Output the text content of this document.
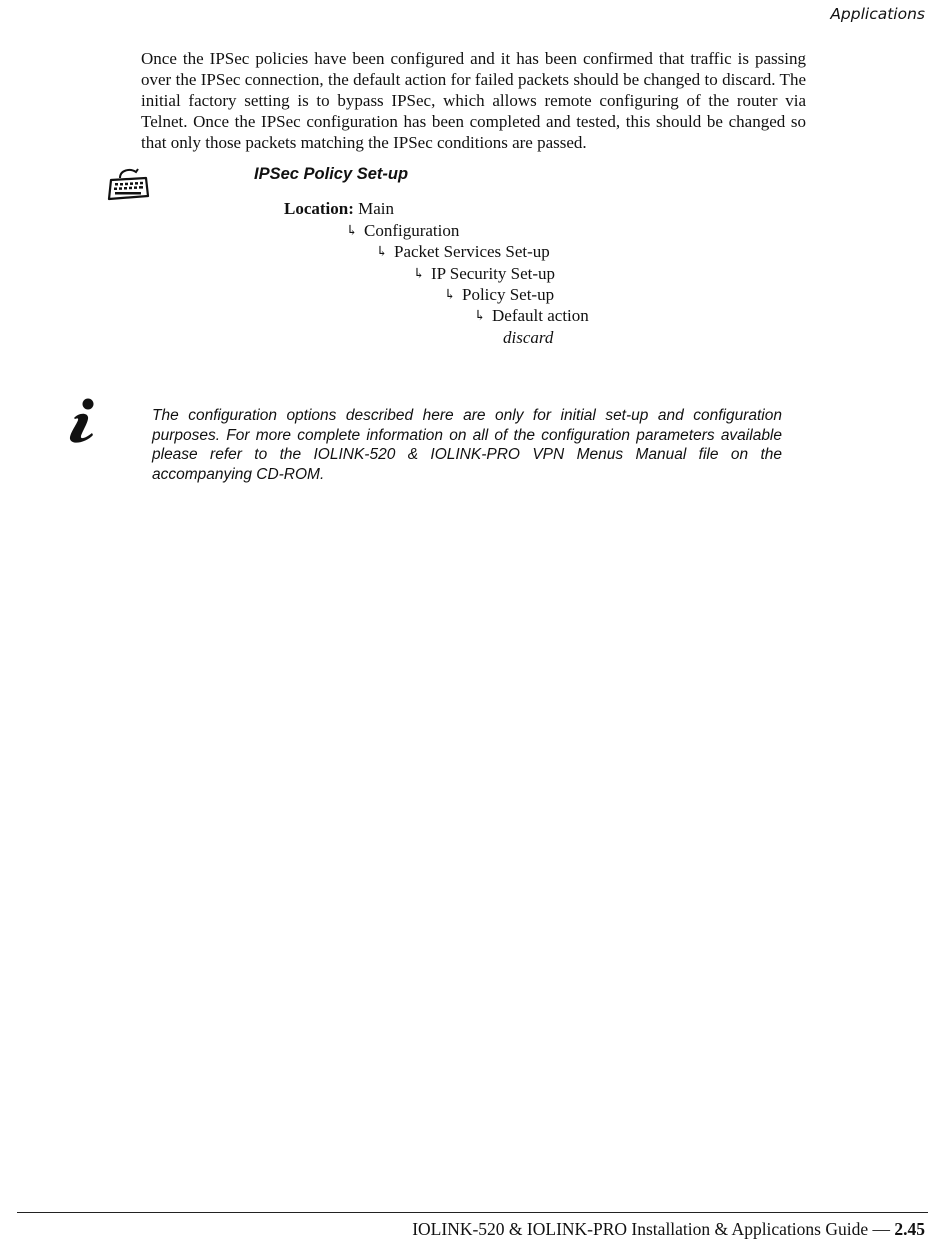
Applications

Once the IPSec policies have been configured and it has been confirmed that traffic is passing over the IPSec connection, the default action for failed packets should be changed to discard. The initial factory setting is to bypass IPSec, which allows remote configuring of the router via Telnet. Once the IPSec configuration has been completed and tested, this should be changed so that only those packets matching the IPSec conditions are passed.

IPSec Policy Set-up
Location: Main
↳ Configuration
↳ Packet Services Set-up
↳ IP Security Set-up
↳ Policy Set-up
↳ Default action
discard

The configuration options described here are only for initial set-up and configuration purposes. For more complete information on all of the configuration parameters available please refer to the IOLINK-520 & IOLINK-PRO VPN Menus Manual file on the accompanying CD-ROM.

IOLINK-520 & IOLINK-PRO Installation & Applications Guide — 2.45
